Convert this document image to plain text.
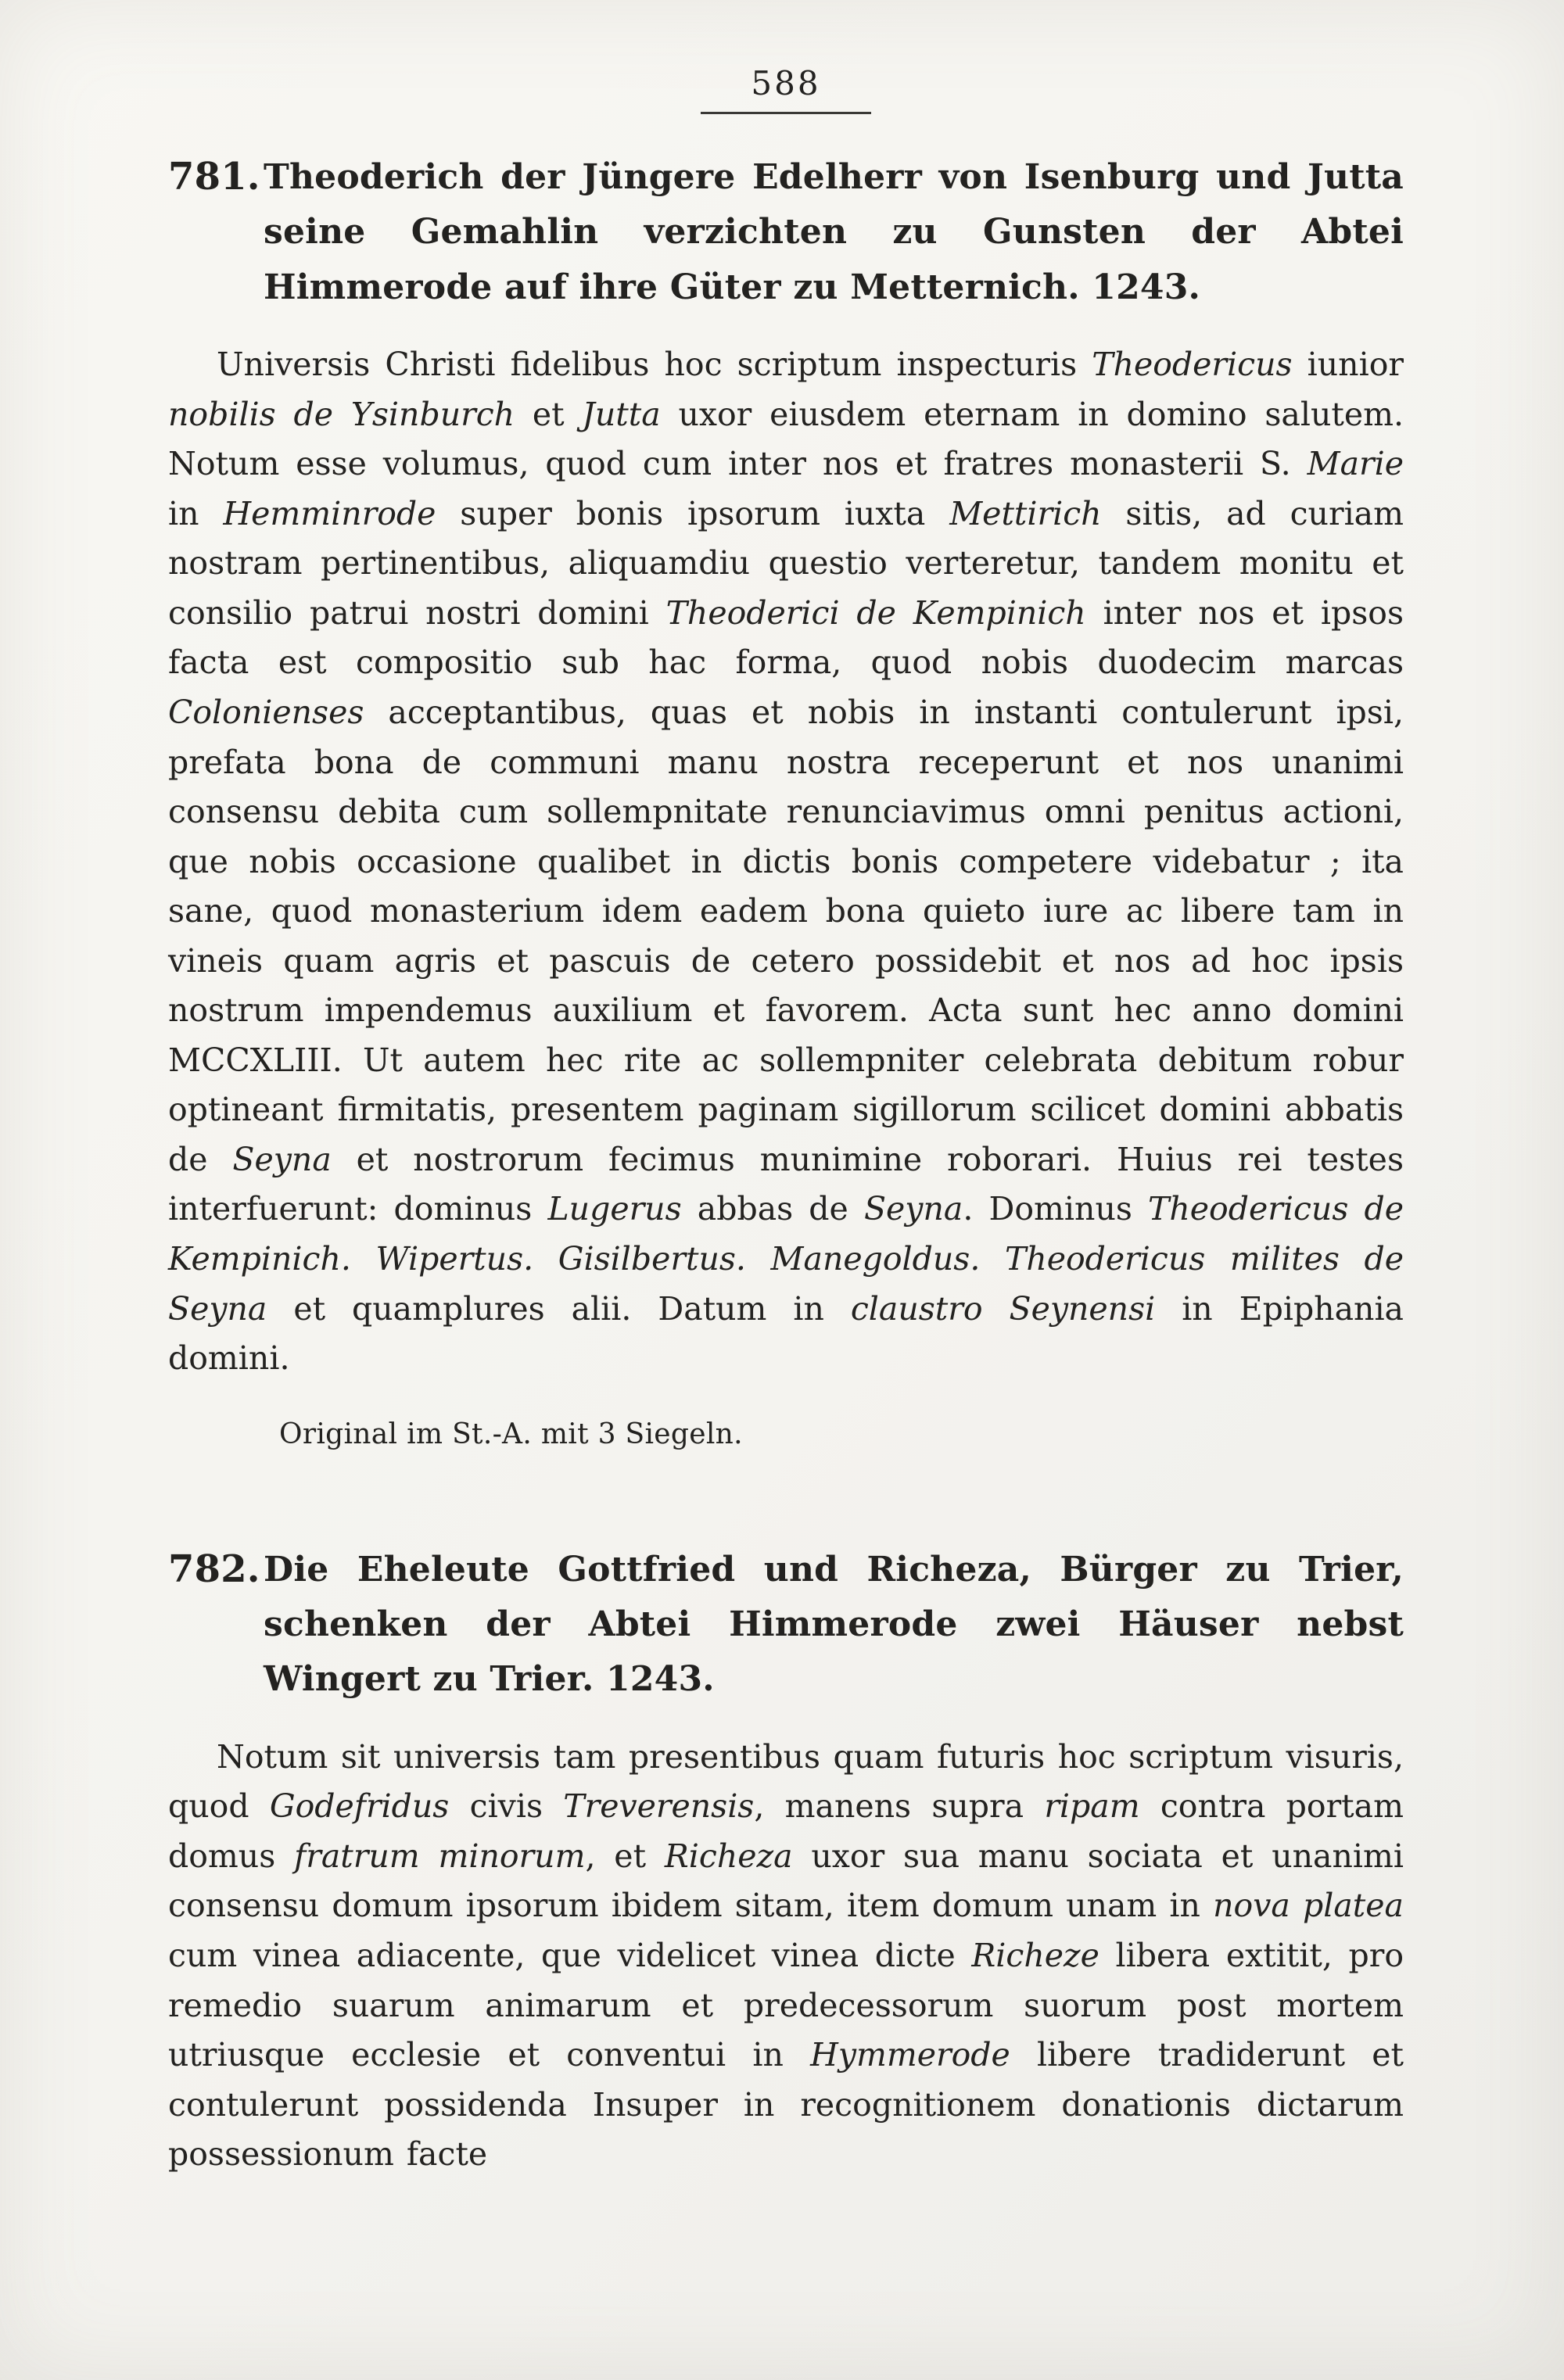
588
781. Theoderich der Jüngere Edelherr von Isenburg und Jutta seine Gemahlin verzichten zu Gunsten der Abtei Himmerode auf ihre Güter zu Metternich. 1243.

Universis Christi fidelibus hoc scriptum inspecturis Theodericus iunior nobilis de Ysinburch et Jutta uxor eiusdem eternam in domino salutem. Notum esse volumus, quod cum inter nos et fratres monasterii S. Marie in Hemminrode super bonis ipsorum iuxta Mettirich sitis, ad curiam nostram pertinentibus, aliquamdiu questio verteretur, tandem monitu et consilio patrui nostri domini Theoderici de Kempinich inter nos et ipsos facta est compositio sub hac forma, quod nobis duodecim marcas Colonienses acceptantibus, quas et nobis in instanti contulerunt ipsi, prefata bona de communi manu nostra receperunt et nos unanimi consensu debita cum sollempnitate renunciavimus omni penitus actioni, que nobis occasione qualibet in dictis bonis competere videbatur ; ita sane, quod monasterium idem eadem bona quieto iure ac libere tam in vineis quam agris et pascuis de cetero possidebit et nos ad hoc ipsis nostrum impendemus auxilium et favorem. Acta sunt hec anno domini MCCXLIII. Ut autem hec rite ac sollempniter celebrata debitum robur optineant firmitatis, presentem paginam sigillorum scilicet domini abbatis de Seyna et nostrorum fecimus munimine roborari. Huius rei testes interfuerunt: dominus Lugerus abbas de Seyna. Dominus Theodericus de Kempinich. Wipertus. Gisilbertus. Manegoldus. Theodericus milites de Seyna et quamplures alii. Datum in claustro Seynensi in Epiphania domini.

Original im St.-A. mit 3 Siegeln.

782. Die Eheleute Gottfried und Richeza, Bürger zu Trier, schenken der Abtei Himmerode zwei Häuser nebst Wingert zu Trier. 1243.

Notum sit universis tam presentibus quam futuris hoc scriptum visuris, quod Godefridus civis Treverensis, manens supra ripam contra portam domus fratrum minorum, et Richeza uxor sua manu sociata et unanimi consensu domum ipsorum ibidem sitam, item domum unam in nova platea cum vinea adiacente, que videlicet vinea dicte Richeze libera extitit, pro remedio suarum animarum et predecessorum suorum post mortem utriusque ecclesie et conventui in Hymmerode libere tradiderunt et contulerunt possidenda Insuper in recognitionem donationis dictarum possessionum facte
